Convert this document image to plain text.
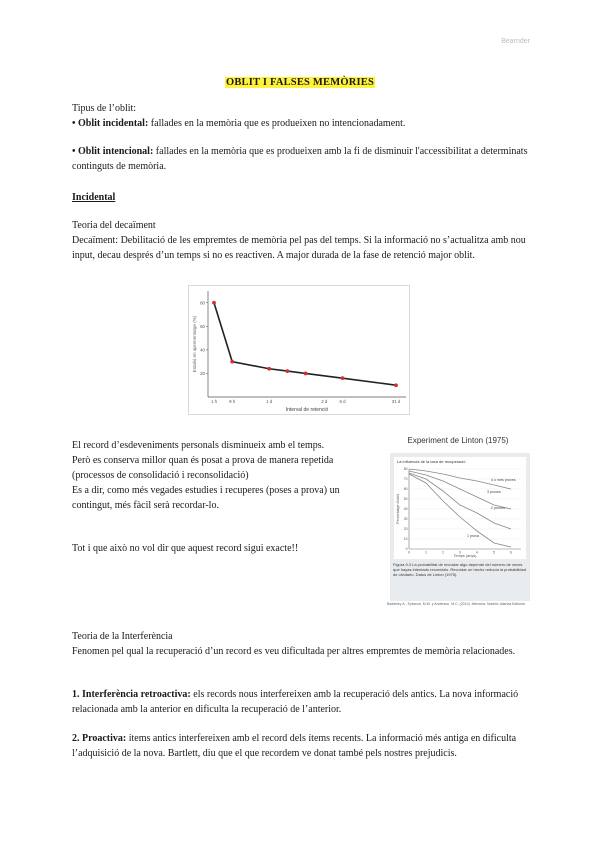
Bearnder
OBLIT I FALSES MEMÒRIES

Tipus de l’oblit:

• Oblit incidental: fallades en la memòria que es produeixen no intencionadament.

• Oblit intencional: fallades en la memòria que es produeixen amb la fi de disminuir l'accessibilitat a determinats continguts de memòria.

Incidental

Teoria del decaïment

Decaïment: Debilitació de les empremtes de memòria pel pas del temps. Si la informació no s’actualitza amb nou input, decau després d’un temps si no es reactiven. A major durada de la fase de retenció major oblit.

20
40
60
80
1 h	9 h	1 d	2 d	6 d	31 d
Estalvi en aprenentatge (%)
Interval de retenció

El record d’esdeveniments personals disminueix amb el temps.

Però es conserva millor quan és posat a prova de manera repetida (processos de consolidació i reconsolidació)

Es a dir, como més vegades estudies i recuperes (poses a prova) un contingut, més fàcil serà recordar-lo.

Tot i que això no vol dir que aquest record sigui exacte!!

Experiment de Linton (1975)
La influència de la taxa de recuperació
0
10
20
30
40
50
60
70
80
0	1	2	3	4	5	6
4 o més proves
3 proves
2 proves
1 prova
Percentatge d'oblit
Temps (anys)
Figura 9.3 La probabilitat de recordar algo depende del número de veces que hayas intentado recordarlo. Recordar un hecho reducía la probabilidad de olvidarlo. Datos de Linton (1975).
Baddeley A., Eysenck, M.W. y Anderson, M.C. (2010). Memoria. Madrid: Alianza Editorial.

Teoria de la Interferència

Fenomen pel qual la recuperació d’un record es veu dificultada per altres empremtes de memòria relacionades.

1. Interferència retroactiva: els records nous interfereixen amb la recuperació dels antics. La nova informació relacionada amb la anterior en dificulta la recuperació de l’anterior.

2. Proactiva: ítems antics interfereixen amb el record dels ítems recents. La informació més antiga en dificulta l’adquisició de la nova. Bartlett, diu que el que recordem ve donat també pels nostres prejudicis.
